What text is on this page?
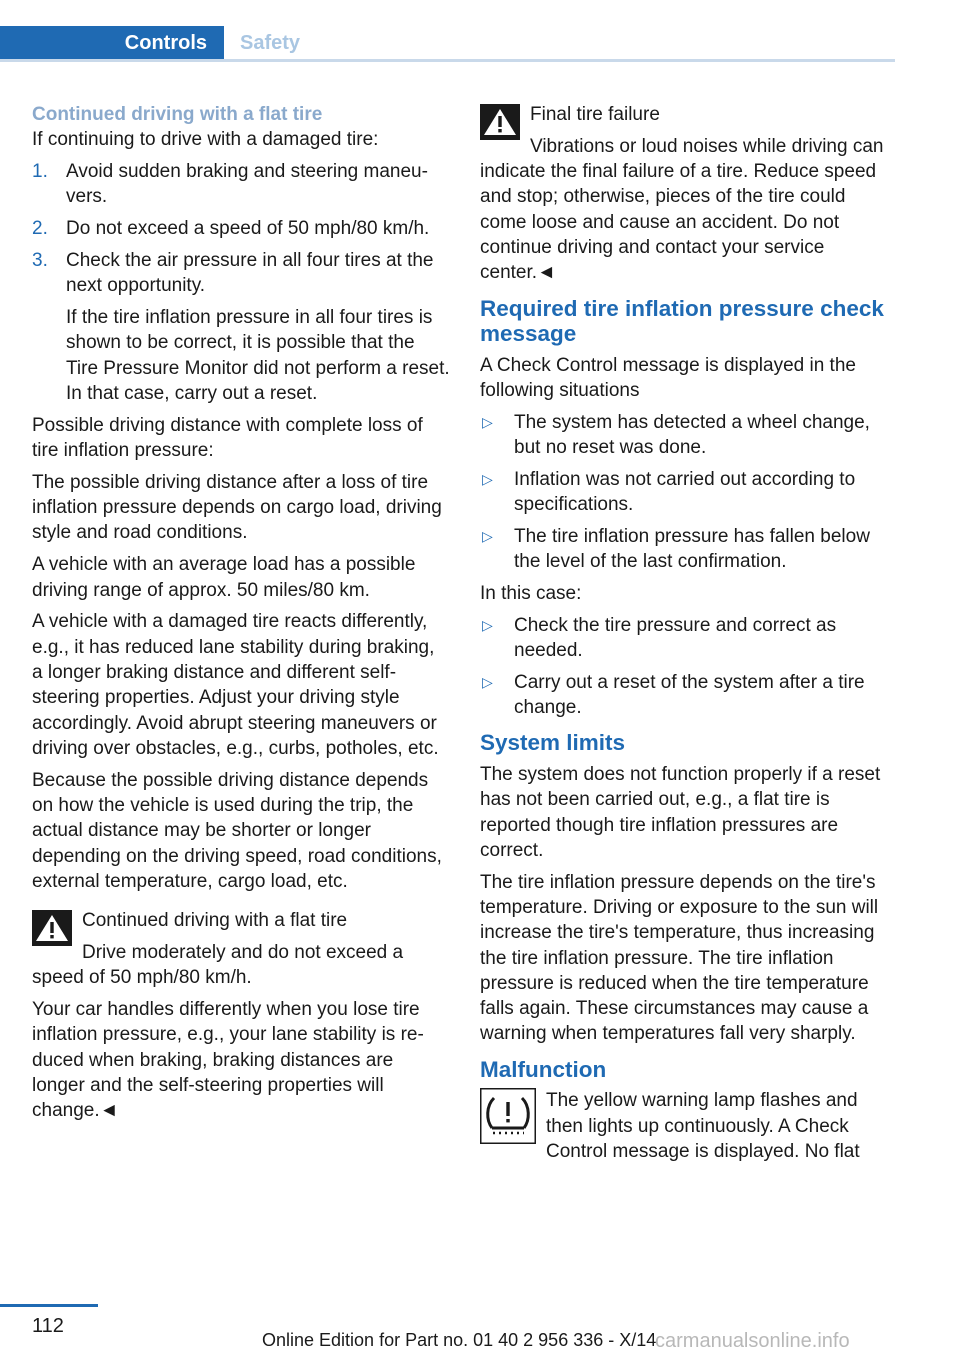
Controls	Safety

Continued driving with a flat tire

If continuing to drive with a damaged tire:

1. Avoid sudden braking and steering maneuvers.
2. Do not exceed a speed of 50 mph/80 km/h.
3. Check the air pressure in all four tires at the next opportunity.
If the tire inflation pressure in all four tires is shown to be correct, it is possible that the Tire Pressure Monitor did not perform a reset. In that case, carry out a reset.

Possible driving distance with complete loss of tire inflation pressure:

The possible driving distance after a loss of tire inflation pressure depends on cargo load, driving style and road conditions.

A vehicle with an average load has a possible driving range of approx. 50 miles/80 km.

A vehicle with a damaged tire reacts differently, e.g., it has reduced lane stability during braking, a longer braking distance and different self-steering properties. Adjust your driving style accordingly. Avoid abrupt steering maneuvers or driving over obstacles, e.g., curbs, potholes, etc.

Because the possible driving distance depends on how the vehicle is used during the trip, the actual distance may be shorter or longer depending on the driving speed, road conditions, external temperature, cargo load, etc.

Continued driving with a flat tire
Drive moderately and do not exceed a speed of 50 mph/80 km/h.

Your car handles differently when you lose tire inflation pressure, e.g., your lane stability is reduced when braking, braking distances are longer and the self-steering properties will change.◄

Final tire failure
Vibrations or loud noises while driving can indicate the final failure of a tire. Reduce speed and stop; otherwise, pieces of the tire could come loose and cause an accident. Do not continue driving and contact your service center.◄
Required tire inflation pressure check message

A Check Control message is displayed in the following situations

▷ The system has detected a wheel change, but no reset was done.
▷ Inflation was not carried out according to specifications.
▷ The tire inflation pressure has fallen below the level of the last confirmation.

In this case:

▷ Check the tire pressure and correct as needed.
▷ Carry out a reset of the system after a tire change.
System limits

The system does not function properly if a reset has not been carried out, e.g., a flat tire is reported though tire inflation pressures are correct.

The tire inflation pressure depends on the tire's temperature. Driving or exposure to the sun will increase the tire's temperature, thus increasing the tire inflation pressure. The tire inflation pressure is reduced when the tire temperature falls again. These circumstances may cause a warning when temperatures fall very sharply.

Malfunction
The yellow warning lamp flashes and then lights up continuously. A Check Control message is displayed. No flat
112
Online Edition for Part no. 01 40 2 956 336 - X/14
carmanualsonline.info
